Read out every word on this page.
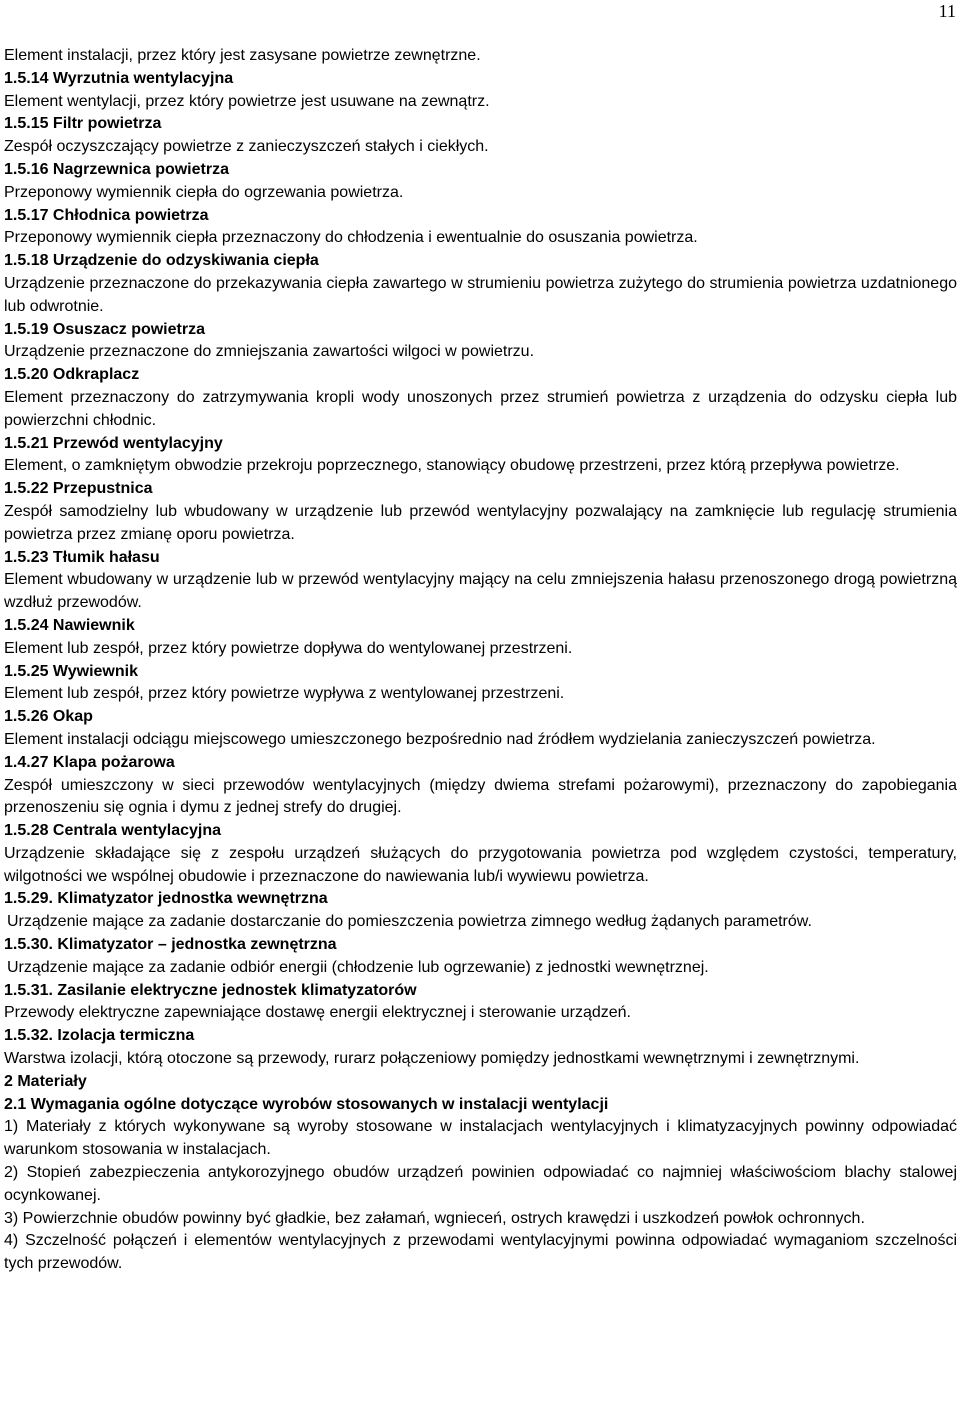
11

Element instalacji, przez który jest zasysane powietrze zewnętrzne.

1.5.14 Wyrzutnia wentylacyjna

Element wentylacji, przez który powietrze jest usuwane na zewnątrz.

1.5.15 Filtr powietrza

Zespół oczyszczający powietrze z zanieczyszczeń stałych i ciekłych.

1.5.16 Nagrzewnica powietrza

Przeponowy wymiennik ciepła do ogrzewania powietrza.

1.5.17 Chłodnica powietrza

Przeponowy wymiennik ciepła przeznaczony do chłodzenia i ewentualnie do osuszania powietrza.

1.5.18 Urządzenie do odzyskiwania ciepła

Urządzenie przeznaczone do przekazywania ciepła zawartego w strumieniu powietrza zużytego do strumienia powietrza uzdatnionego lub odwrotnie.

1.5.19 Osuszacz powietrza

Urządzenie przeznaczone do zmniejszania zawartości wilgoci w powietrzu.

1.5.20 Odkraplacz

Element przeznaczony do zatrzymywania kropli wody unoszonych przez strumień powietrza z urządzenia do odzysku ciepła lub powierzchni chłodnic.

1.5.21 Przewód wentylacyjny

Element, o zamkniętym obwodzie przekroju poprzecznego, stanowiący obudowę przestrzeni, przez którą przepływa powietrze.

1.5.22 Przepustnica

Zespół samodzielny lub wbudowany w urządzenie lub przewód wentylacyjny pozwalający na zamknięcie lub regulację strumienia powietrza przez zmianę oporu powietrza.

1.5.23 Tłumik hałasu

Element wbudowany w urządzenie lub w przewód wentylacyjny mający na celu zmniejszenia hałasu przenoszonego drogą powietrzną wzdłuż przewodów.

1.5.24 Nawiewnik

Element lub zespół, przez który powietrze dopływa do wentylowanej przestrzeni.

1.5.25 Wywiewnik

Element lub zespół, przez który powietrze wypływa z wentylowanej przestrzeni.

1.5.26 Okap

Element instalacji odciągu miejscowego umieszczonego bezpośrednio nad źródłem wydzielania zanieczyszczeń powietrza.

1.4.27 Klapa pożarowa

Zespół umieszczony w sieci przewodów wentylacyjnych (między dwiema strefami pożarowymi), przeznaczony do zapobiegania przenoszeniu się ognia i dymu z jednej strefy do drugiej.

1.5.28 Centrala wentylacyjna

Urządzenie składające się z zespołu urządzeń służących do przygotowania powietrza pod względem czystości, temperatury, wilgotności we wspólnej obudowie i przeznaczone do nawiewania lub/i wywiewu powietrza.

1.5.29. Klimatyzator jednostka wewnętrzna

Urządzenie mające za zadanie dostarczanie do pomieszczenia powietrza zimnego według żądanych parametrów.

1.5.30. Klimatyzator – jednostka zewnętrzna

Urządzenie mające za zadanie odbiór energii (chłodzenie lub ogrzewanie) z jednostki wewnętrznej.

1.5.31. Zasilanie elektryczne jednostek klimatyzatorów

Przewody elektryczne zapewniające dostawę energii elektrycznej i sterowanie urządzeń.

1.5.32. Izolacja termiczna

Warstwa izolacji, którą otoczone są przewody, rurarz połączeniowy pomiędzy jednostkami wewnętrznymi i zewnętrznymi.

2 Materiały

2.1 Wymagania ogólne dotyczące wyrobów stosowanych w instalacji wentylacji

1) Materiały z których wykonywane są wyroby stosowane w instalacjach wentylacyjnych i klimatyzacyjnych powinny odpowiadać warunkom stosowania w instalacjach.

2) Stopień zabezpieczenia antykorozyjnego obudów urządzeń powinien odpowiadać co najmniej właściwościom blachy stalowej ocynkowanej.

3) Powierzchnie obudów powinny być gładkie, bez załamań, wgnieceń, ostrych krawędzi i uszkodzeń powłok ochronnych.

4) Szczelność połączeń i elementów wentylacyjnych z przewodami wentylacyjnymi powinna odpowiadać wymaganiom szczelności tych przewodów.
